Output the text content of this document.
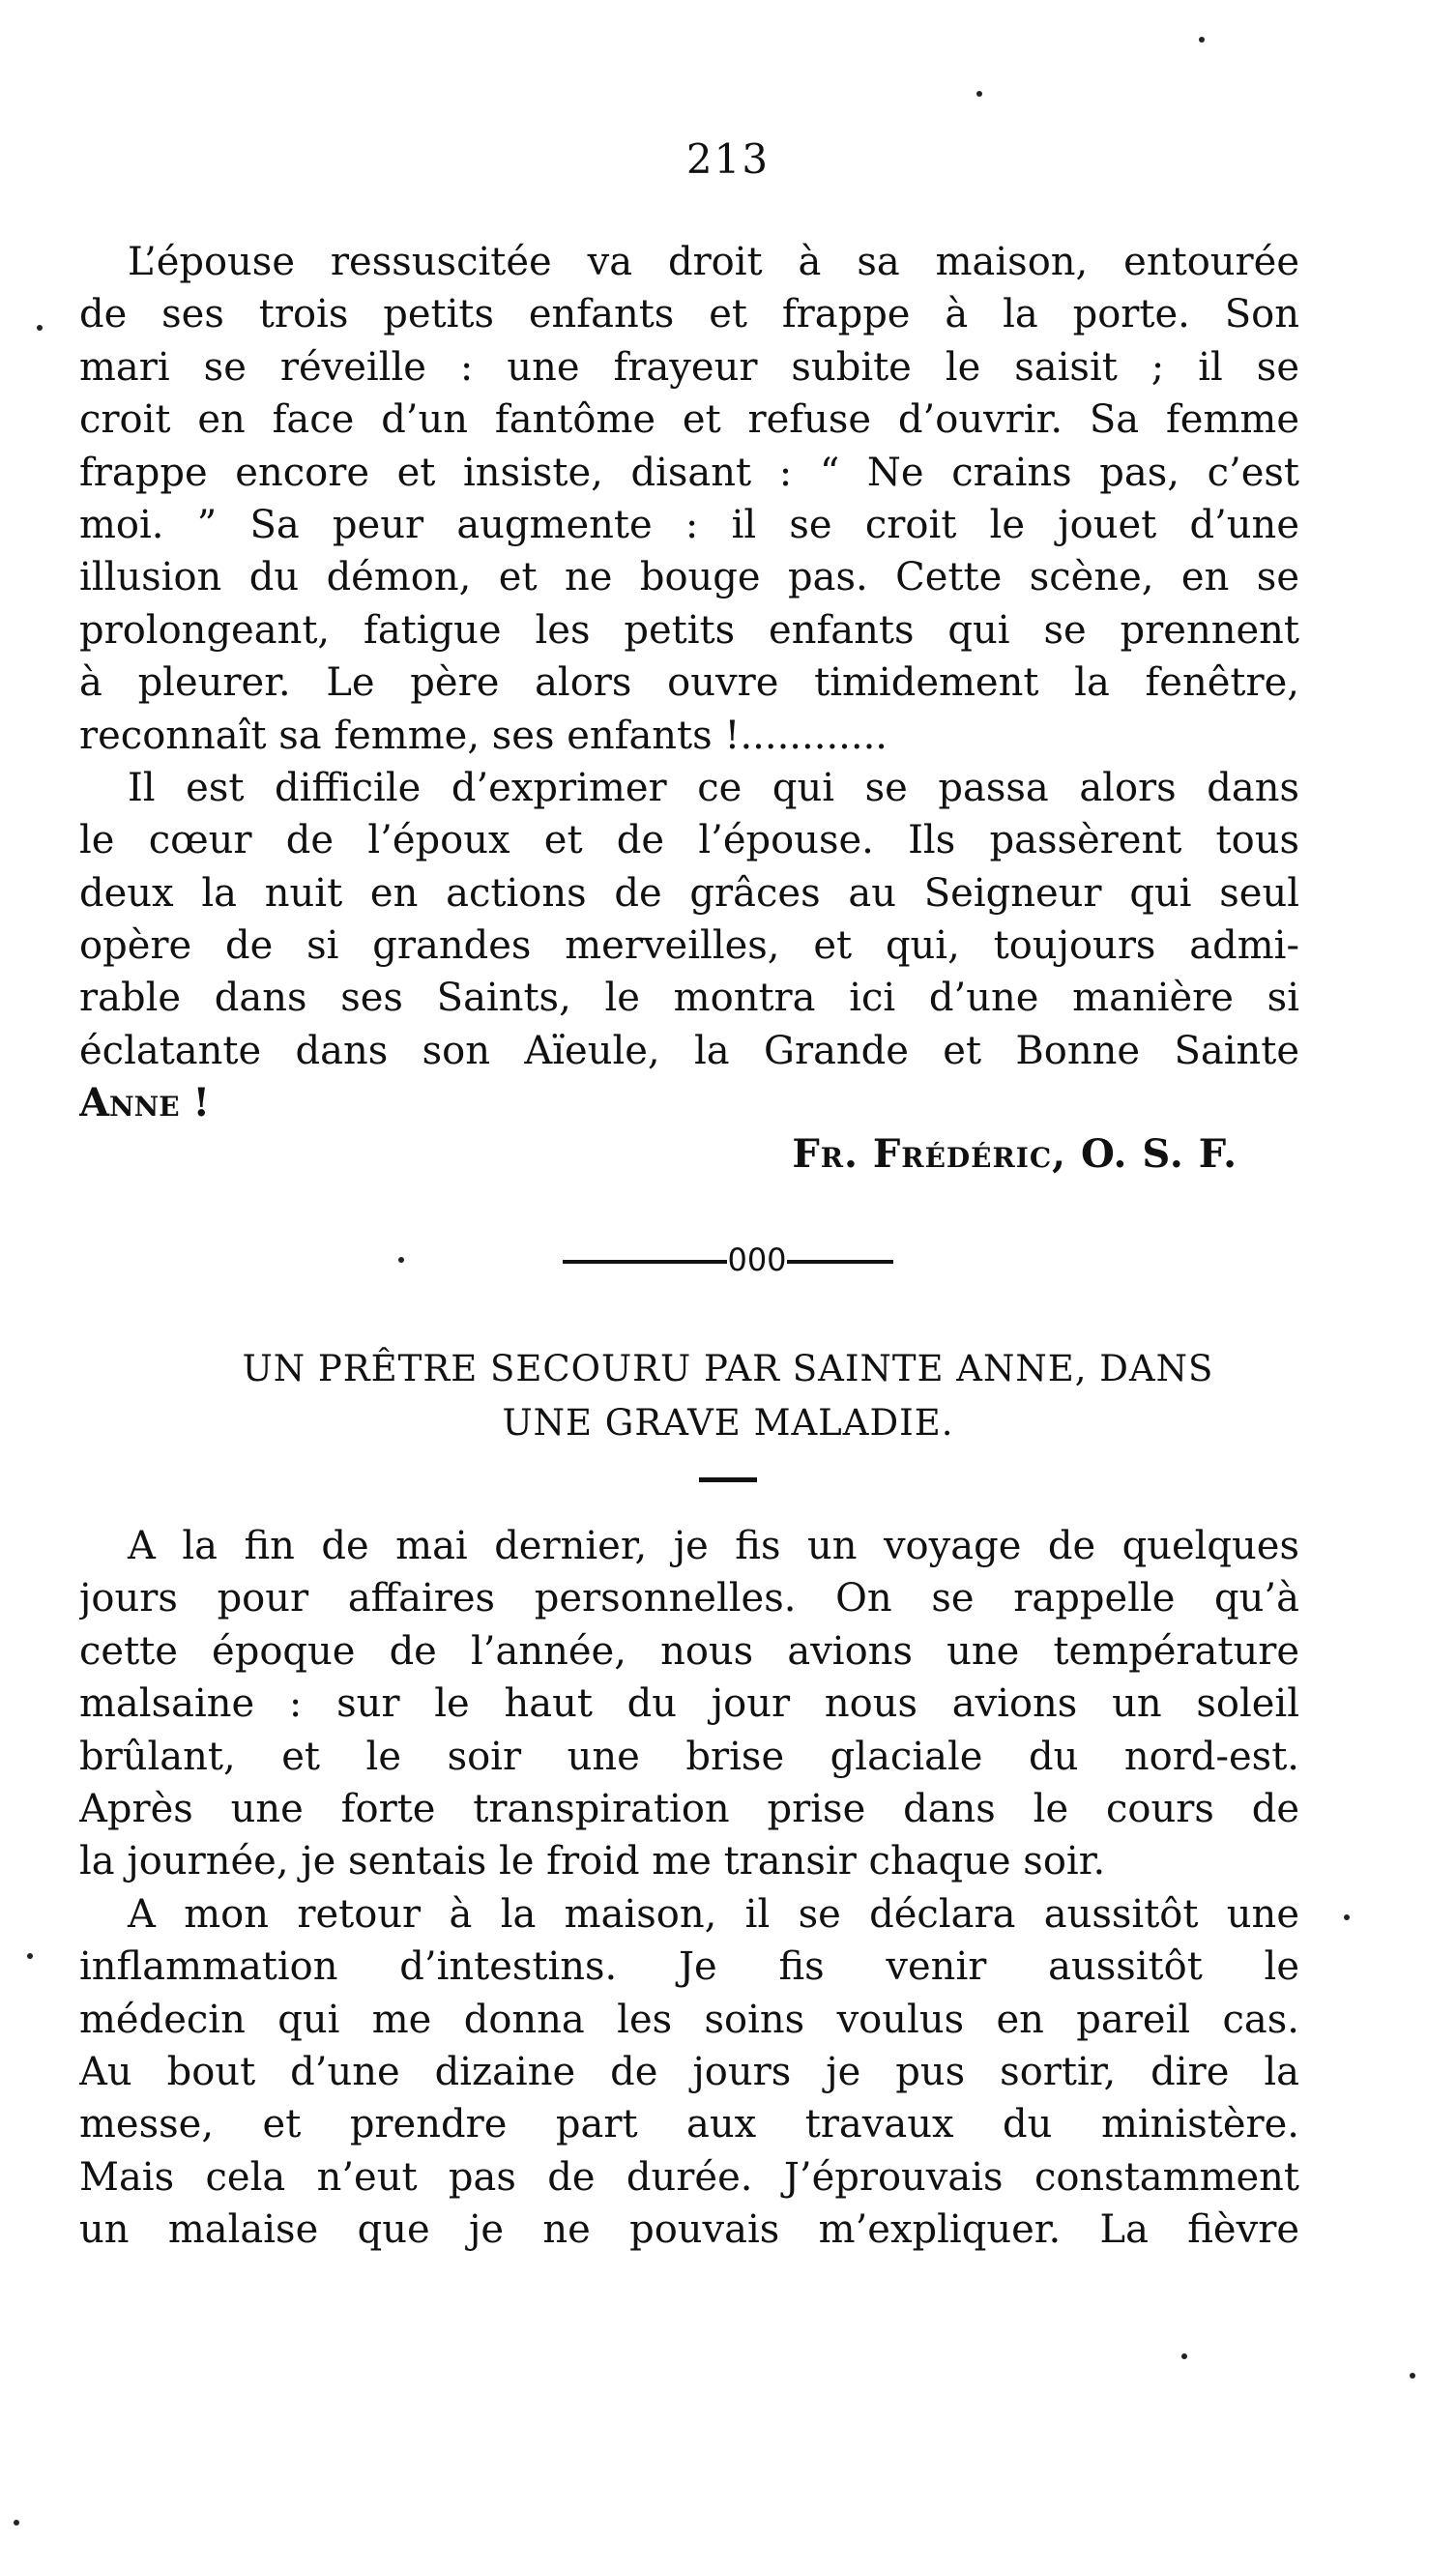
213
L’épouse ressuscitée va droit à sa maison, entourée
de ses trois petits enfants et frappe à la porte. Son
mari se réveille : une frayeur subite le saisit ; il se
croit en face d’un fantôme et refuse d’ouvrir. Sa femme
frappe encore et insiste, disant : “ Ne crains pas, c’est
moi. ” Sa peur augmente : il se croit le jouet d’une
illusion du démon, et ne bouge pas. Cette scène, en se
prolongeant, fatigue les petits enfants qui se prennent
à pleurer. Le père alors ouvre timidement la fenêtre,
reconnaît sa femme, ses enfants !............
Il est difficile d’exprimer ce qui se passa alors dans
le cœur de l’époux et de l’épouse. Ils passèrent tous
deux la nuit en actions de grâces au Seigneur qui seul
opère de si grandes merveilles, et qui, toujours admi-
rable dans ses Saints, le montra ici d’une manière si
éclatante dans son Aïeule, la Grande et Bonne Sainte
Anne !
Fr. Frédéric, O. S. F.
000
UN PRÊTRE SECOURU PAR SAINTE ANNE, DANS
UNE GRAVE MALADIE.
A la fin de mai dernier, je fis un voyage de quelques
jours pour affaires personnelles. On se rappelle qu’à
cette époque de l’année, nous avions une température
malsaine : sur le haut du jour nous avions un soleil
brûlant, et le soir une brise glaciale du nord-est.
Après une forte transpiration prise dans le cours de
la journée, je sentais le froid me transir chaque soir.
A mon retour à la maison, il se déclara aussitôt une
inflammation d’intestins. Je fis venir aussitôt le
médecin qui me donna les soins voulus en pareil cas.
Au bout d’une dizaine de jours je pus sortir, dire la
messe, et prendre part aux travaux du ministère.
Mais cela n’eut pas de durée. J’éprouvais constamment
un malaise que je ne pouvais m’expliquer. La fièvre
